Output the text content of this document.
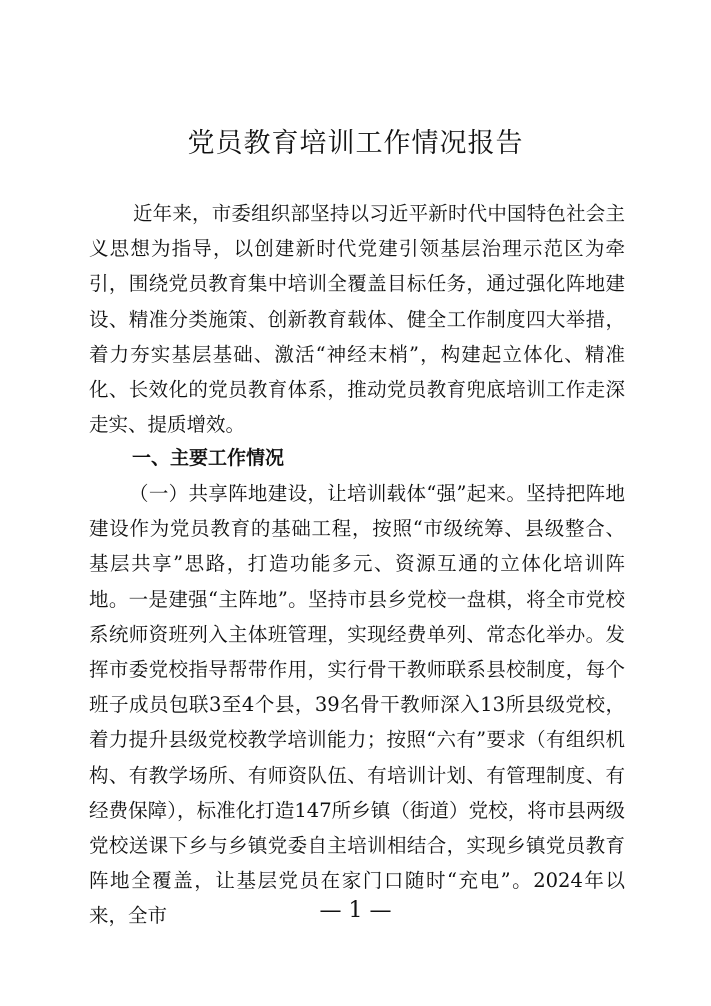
党员教育培训工作情况报告

近年来，市委组织部坚持以习近平新时代中国特色社会主义思想为指导，以创建新时代党建引领基层治理示范区为牵引，围绕党员教育集中培训全覆盖目标任务，通过强化阵地建设、精准分类施策、创新教育载体、健全工作制度四大举措，着力夯实基层基础、激活“神经末梢”，构建起立体化、精准化、长效化的党员教育体系，推动党员教育兜底培训工作走深走实、提质增效。

一、主要工作情况

（一）共享阵地建设，让培训载体“强”起来。坚持把阵地建设作为党员教育的基础工程，按照“市级统筹、县级整合、基层共享”思路，打造功能多元、资源互通的立体化培训阵地。一是建强“主阵地”。坚持市县乡党校一盘棋，将全市党校系统师资班列入主体班管理，实现经费单列、常态化举办。发挥市委党校指导帮带作用，实行骨干教师联系县校制度，每个班子成员包联3至4个县，39名骨干教师深入13所县级党校，着力提升县级党校教学培训能力；按照“六有”要求（有组织机构、有教学场所、有师资队伍、有培训计划、有管理制度、有经费保障），标准化打造147所乡镇（街道）党校，将市县两级党校送课下乡与乡镇党委自主培训相结合，实现乡镇党员教育阵地全覆盖，让基层党员在家门口随时“充电”。2024年以来，全市	— 1 —
